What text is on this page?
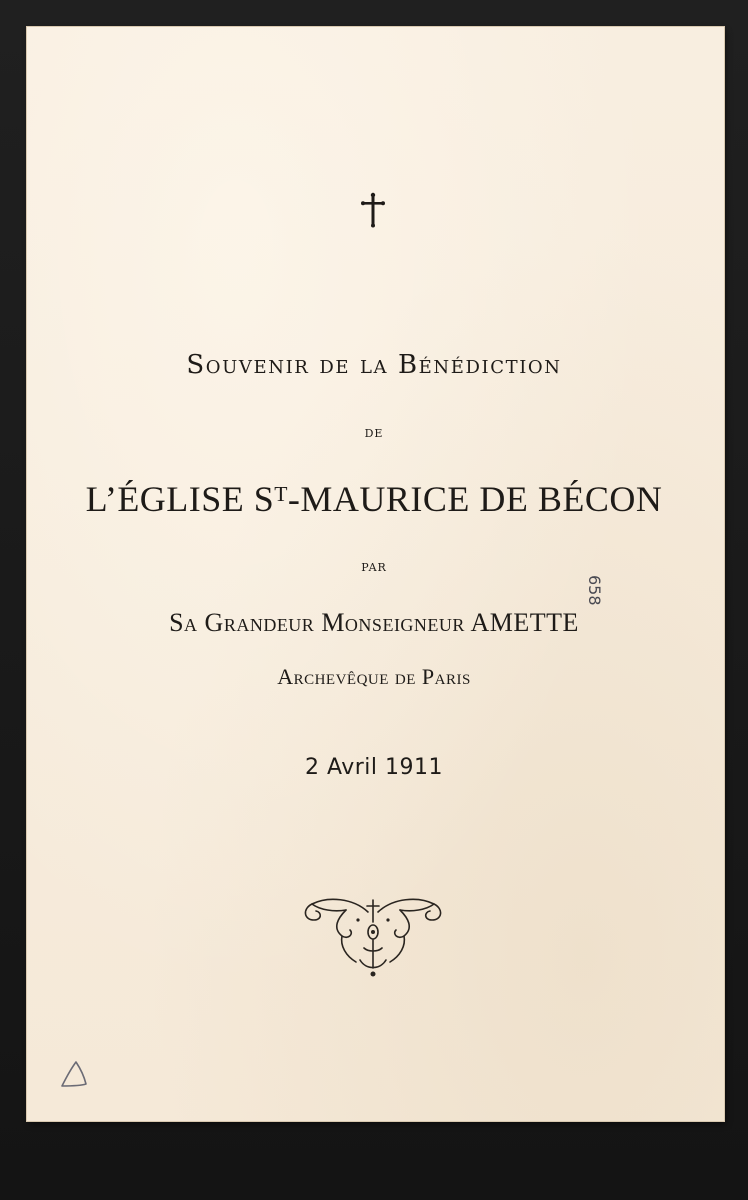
Souvenir de la Bénédiction
de
L’ÉGLISE Sᵀ-MAURICE DE BÉCON
par
Sa Grandeur Monseigneur AMETTE
Archevêque de Paris
2 Avril 1911
658
